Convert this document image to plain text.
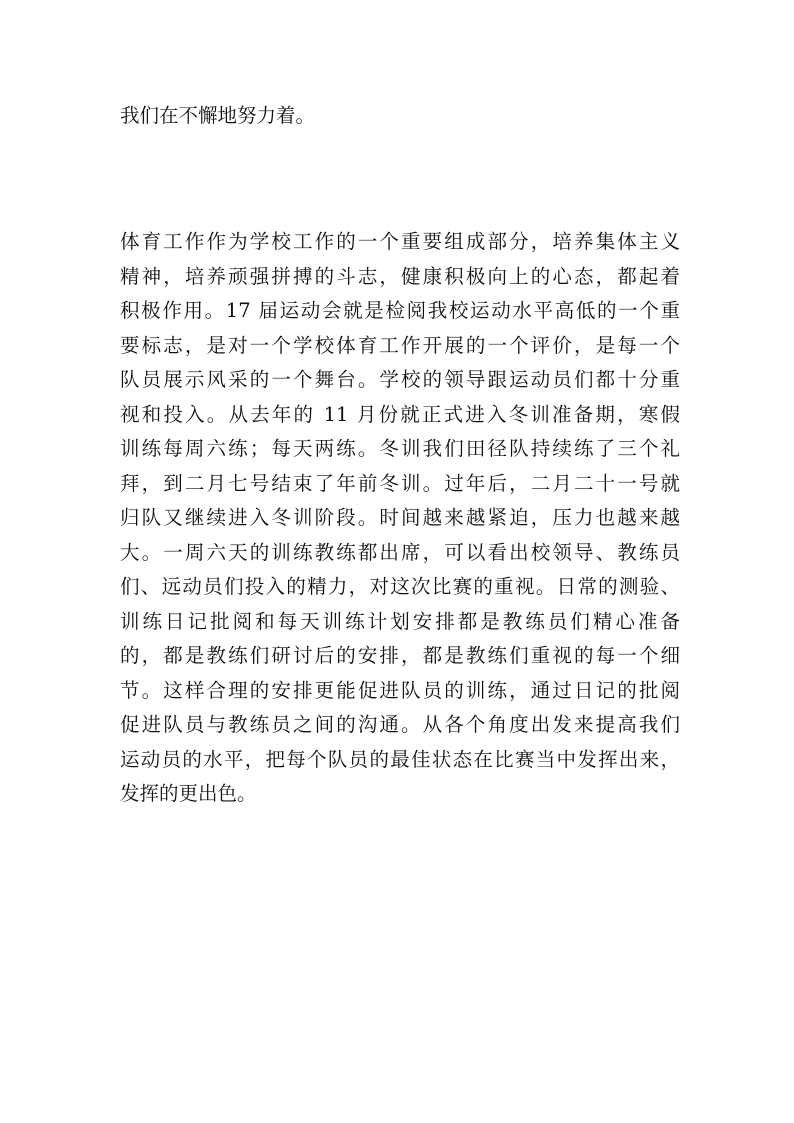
我们在不懈地努力着。
体育工作作为学校工作的一个重要组成部分，培养集体主义
精神，培养顽强拼搏的斗志，健康积极向上的心态，都起着
积极作用。17 届运动会就是检阅我校运动水平高低的一个重
要标志，是对一个学校体育工作开展的一个评价，是每一个
队员展示风采的一个舞台。学校的领导跟运动员们都十分重
视和投入。从去年的 11 月份就正式进入冬训准备期，寒假
训练每周六练；每天两练。冬训我们田径队持续练了三个礼
拜，到二月七号结束了年前冬训。过年后，二月二十一号就
归队又继续进入冬训阶段。时间越来越紧迫，压力也越来越
大。一周六天的训练教练都出席，可以看出校领导、教练员
们、远动员们投入的精力，对这次比赛的重视。日常的测验、
训练日记批阅和每天训练计划安排都是教练员们精心准备
的，都是教练们研讨后的安排，都是教练们重视的每一个细
节。这样合理的安排更能促进队员的训练，通过日记的批阅
促进队员与教练员之间的沟通。从各个角度出发来提高我们
运动员的水平，把每个队员的最佳状态在比赛当中发挥出来，
发挥的更出色。
